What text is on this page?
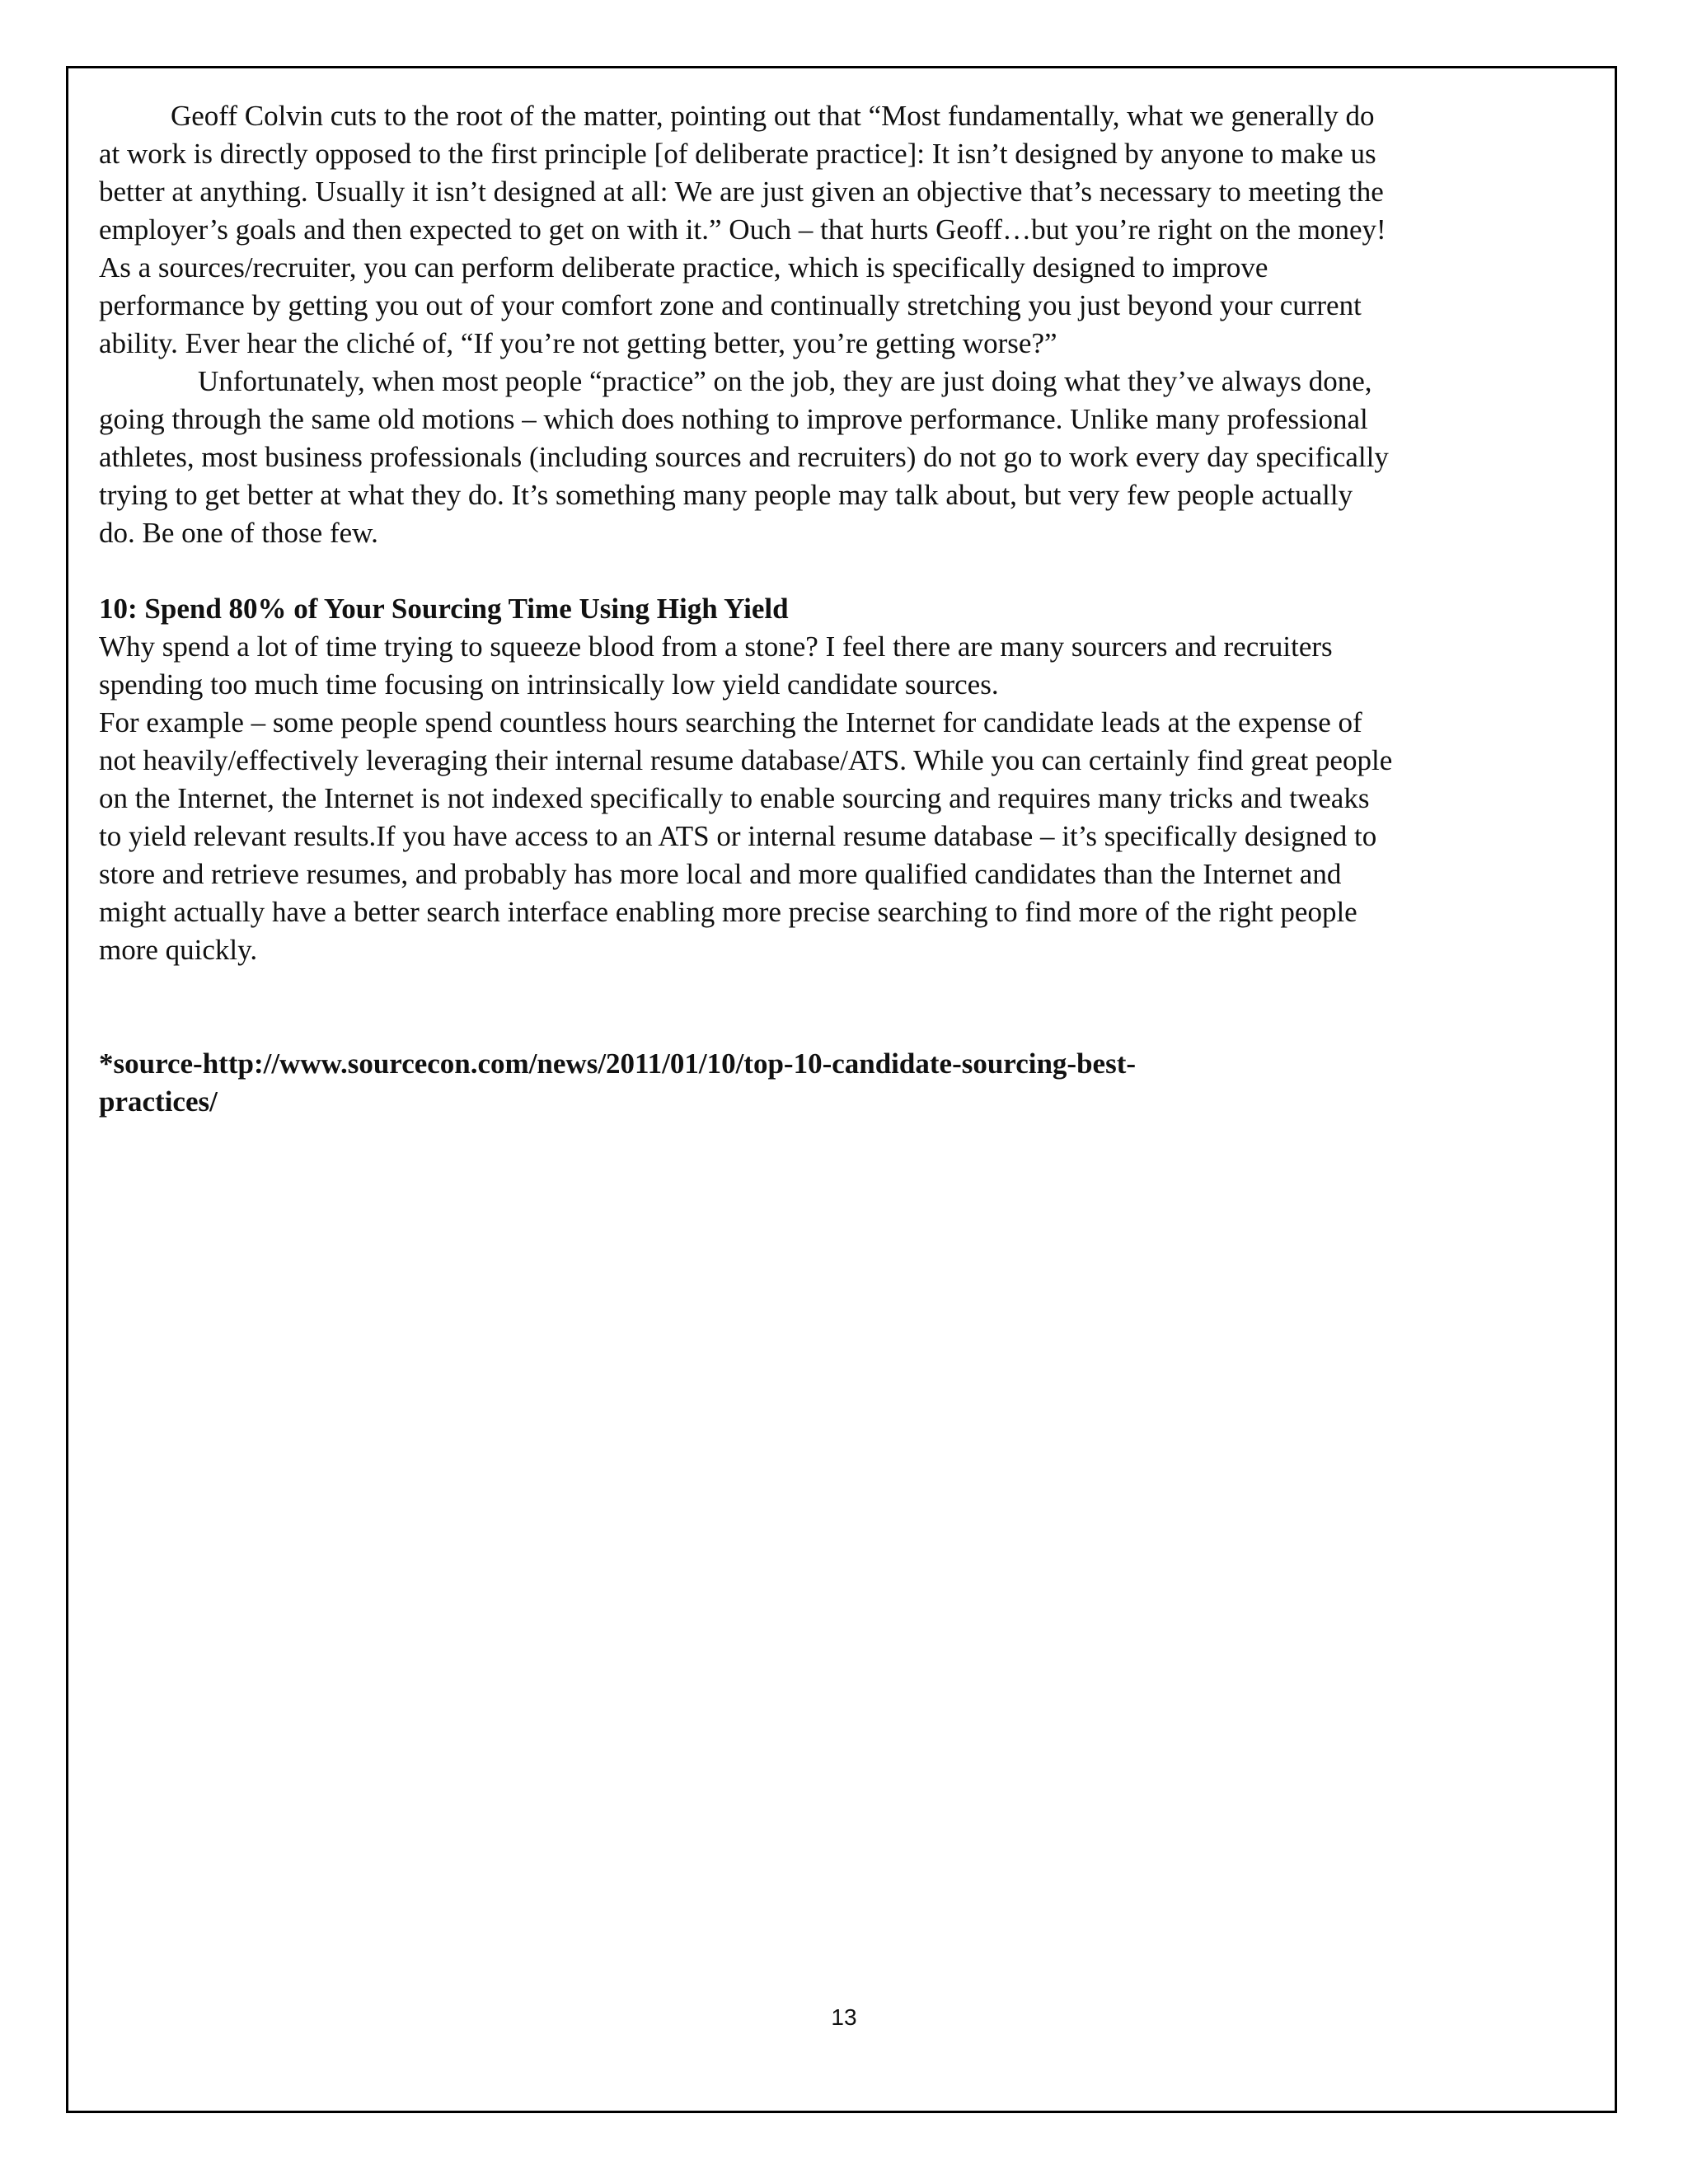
Geoff Colvin cuts to the root of the matter, pointing out that “Most fundamentally, what we generally do
at work is directly opposed to the first principle [of deliberate practice]: It isn’t designed by anyone to make us
better at anything. Usually it isn’t designed at all: We are just given an objective that’s necessary to meeting the
employer’s goals and then expected to get on with it.” Ouch – that hurts Geoff…but you’re right on the money!
As a sources/recruiter, you can perform deliberate practice, which is specifically designed to improve
performance by getting you out of your comfort zone and continually stretching you just beyond your current
ability. Ever hear the cliché of, “If you’re not getting better, you’re getting worse?”
Unfortunately, when most people “practice” on the job, they are just doing what they’ve always done,
going through the same old motions – which does nothing to improve performance. Unlike many professional
athletes, most business professionals (including sources and recruiters) do not go to work every day specifically
trying to get better at what they do. It’s something many people may talk about, but very few people actually
do. Be one of those few.
10: Spend 80% of Your Sourcing Time Using High Yield
Why spend a lot of time trying to squeeze blood from a stone? I feel there are many sourcers and recruiters
spending too much time focusing on intrinsically low yield candidate sources.
For example – some people spend countless hours searching the Internet for candidate leads at the expense of
not heavily/effectively leveraging their internal resume database/ATS. While you can certainly find great people
on the Internet, the Internet is not indexed specifically to enable sourcing and requires many tricks and tweaks
to yield relevant results.If you have access to an ATS or internal resume database – it’s specifically designed to
store and retrieve resumes, and probably has more local and more qualified candidates than the Internet and
might actually have a better search interface enabling more precise searching to find more of the right people
more quickly.
*source-http://www.sourcecon.com/news/2011/01/10/top-10-candidate-sourcing-best-
practices/
13
